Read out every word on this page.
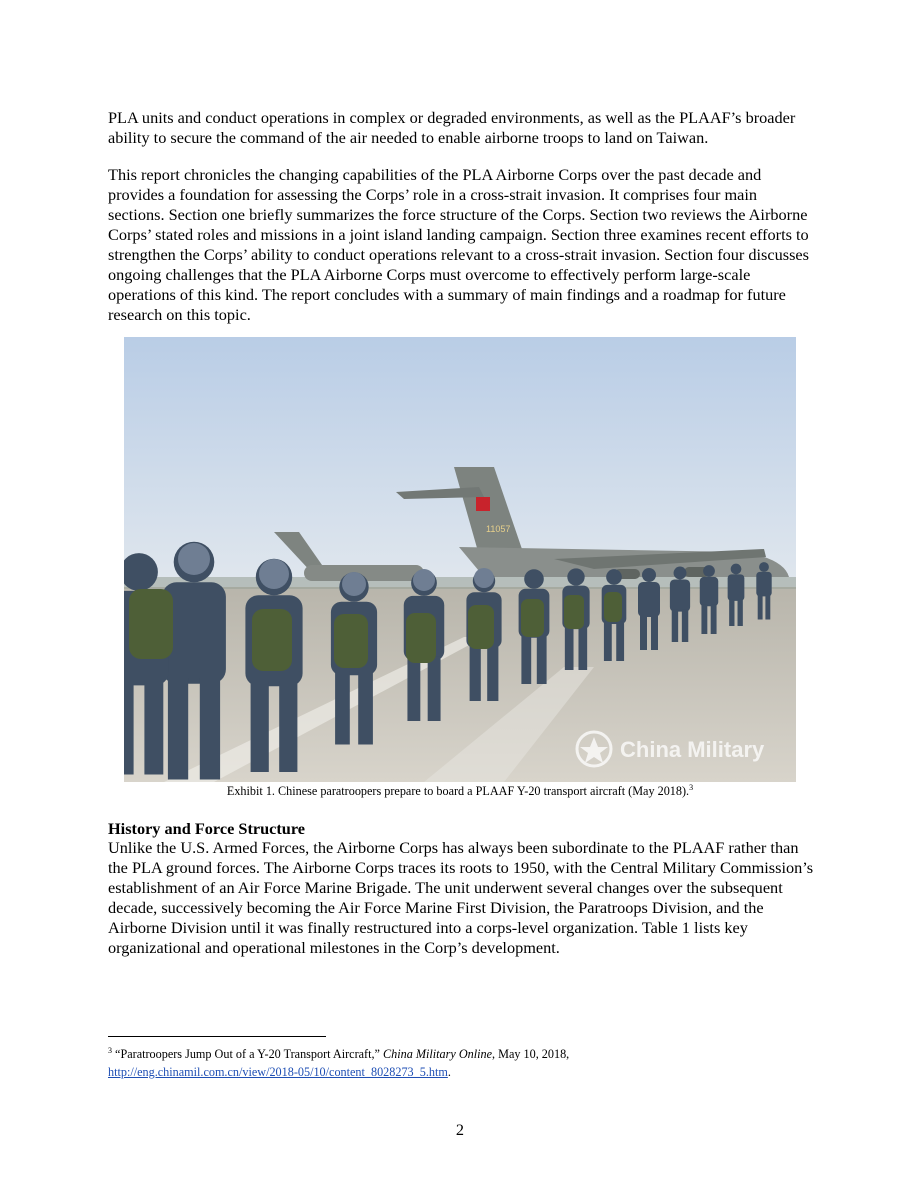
PLA units and conduct operations in complex or degraded environments, as well as the PLAAF’s broader ability to secure the command of the air needed to enable airborne troops to land on Taiwan.

This report chronicles the changing capabilities of the PLA Airborne Corps over the past decade and provides a foundation for assessing the Corps’ role in a cross-strait invasion. It comprises four main sections. Section one briefly summarizes the force structure of the Corps. Section two reviews the Airborne Corps’ stated roles and missions in a joint island landing campaign. Section three examines recent efforts to strengthen the Corps’ ability to conduct operations relevant to a cross-strait invasion. Section four discusses ongoing challenges that the PLA Airborne Corps must overcome to effectively perform large-scale operations of this kind. The report concludes with a summary of main findings and a roadmap for future research on this topic.

11057
China Military

Exhibit 1. Chinese paratroopers prepare to board a PLAAF Y-20 transport aircraft (May 2018).$^3$

History and Force Structure

Unlike the U.S. Armed Forces, the Airborne Corps has always been subordinate to the PLAAF rather than the PLA ground forces. The Airborne Corps traces its roots to 1950, with the Central Military Commission’s establishment of an Air Force Marine Brigade. The unit underwent several changes over the subsequent decade, successively becoming the Air Force Marine First Division, the Paratroops Division, and the Airborne Division until it was finally restructured into a corps-level organization. Table 1 lists key organizational and operational milestones in the Corp’s development.

$^3$ “Paratroopers Jump Out of a Y-20 Transport Aircraft,” China Military Online, May 10, 2018,
http://eng.chinamil.com.cn/view/2018-05/10/content_8028273_5.htm.

2
